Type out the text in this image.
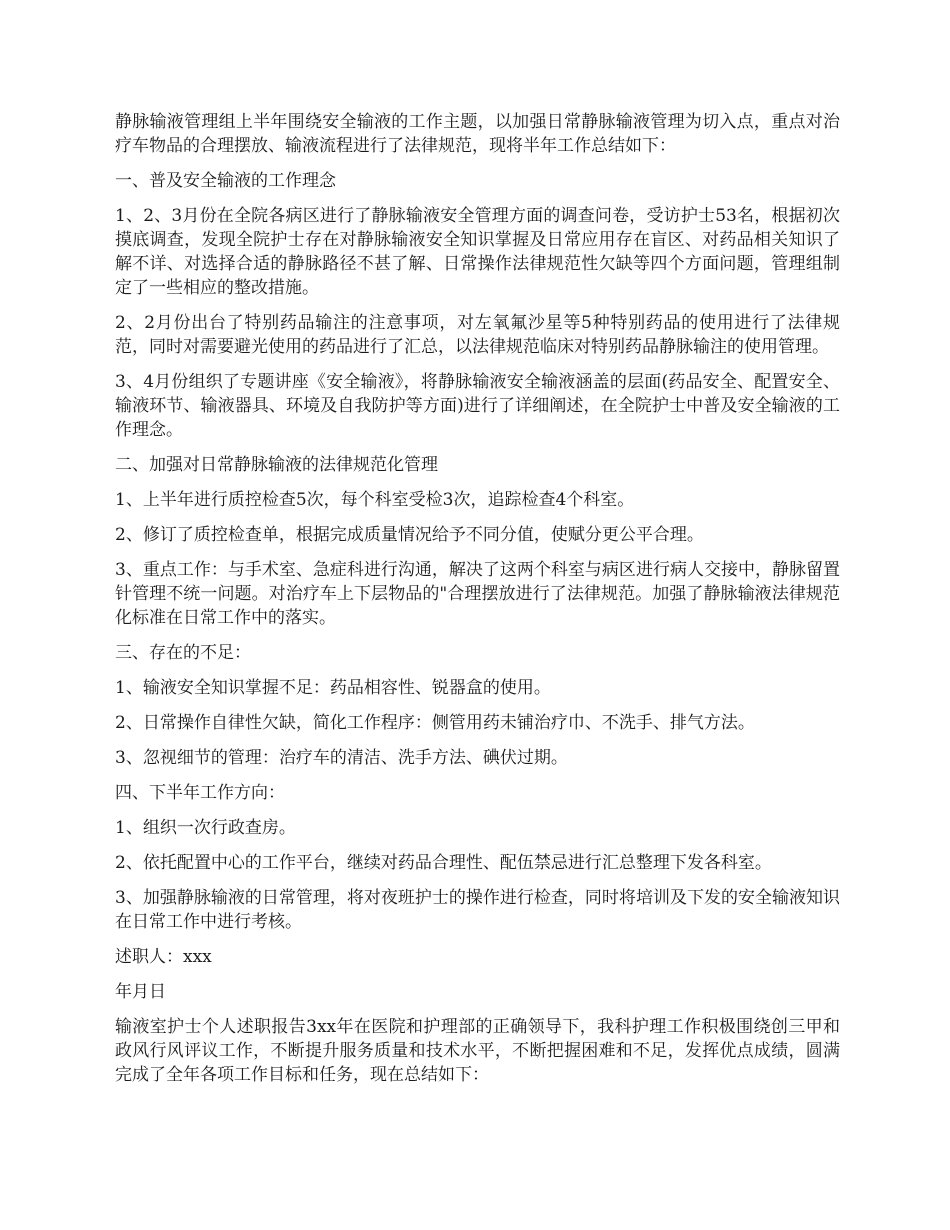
静脉输液管理组上半年围绕安全输液的工作主题，以加强日常静脉输液管理为切入点，重点对治疗车物品的合理摆放、输液流程进行了法律规范，现将半年工作总结如下：

一、普及安全输液的工作理念

1、2、3月份在全院各病区进行了静脉输液安全管理方面的调查问卷，受访护士53名，根据初次摸底调查，发现全院护士存在对静脉输液安全知识掌握及日常应用存在盲区、对药品相关知识了解不详、对选择合适的静脉路径不甚了解、日常操作法律规范性欠缺等四个方面问题，管理组制定了一些相应的整改措施。

2、2月份出台了特别药品输注的注意事项，对左氧氟沙星等5种特别药品的使用进行了法律规范，同时对需要避光使用的药品进行了汇总，以法律规范临床对特别药品静脉输注的使用管理。

3、4月份组织了专题讲座《安全输液》，将静脉输液安全输液涵盖的层面(药品安全、配置安全、输液环节、输液器具、环境及自我防护等方面)进行了详细阐述，在全院护士中普及安全输液的工作理念。

二、加强对日常静脉输液的法律规范化管理

1、上半年进行质控检查5次，每个科室受检3次，追踪检查4个科室。

2、修订了质控检查单，根据完成质量情况给予不同分值，使赋分更公平合理。

3、重点工作：与手术室、急症科进行沟通，解决了这两个科室与病区进行病人交接中，静脉留置针管理不统一问题。对治疗车上下层物品的"合理摆放进行了法律规范。加强了静脉输液法律规范化标准在日常工作中的落实。

三、存在的不足：

1、输液安全知识掌握不足：药品相容性、锐器盒的使用。

2、日常操作自律性欠缺，简化工作程序：侧管用药未铺治疗巾、不洗手、排气方法。

3、忽视细节的管理：治疗车的清洁、洗手方法、碘伏过期。

四、下半年工作方向：

1、组织一次行政查房。

2、依托配置中心的工作平台，继续对药品合理性、配伍禁忌进行汇总整理下发各科室。

3、加强静脉输液的日常管理，将对夜班护士的操作进行检查，同时将培训及下发的安全输液知识在日常工作中进行考核。

述职人：xxx

年月日

输液室护士个人述职报告3xx年在医院和护理部的正确领导下，我科护理工作积极围绕创三甲和政风行风评议工作，不断提升服务质量和技术水平，不断把握困难和不足，发挥优点成绩，圆满完成了全年各项工作目标和任务，现在总结如下：
